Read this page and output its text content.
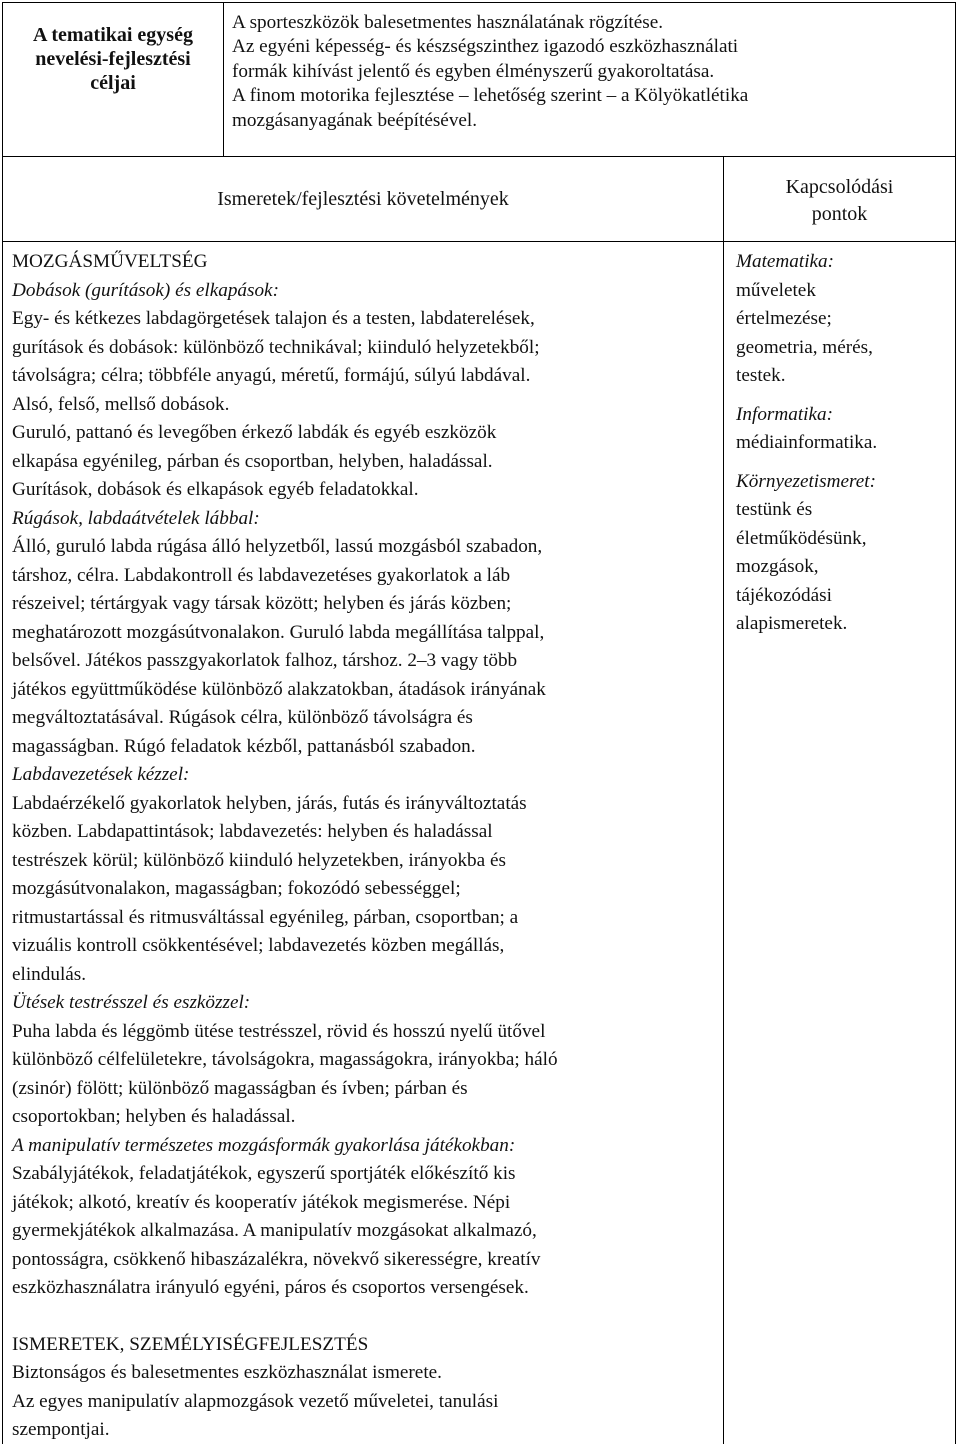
A tematikai egység
nevelési-fejlesztési
céljai
A sporteszközök balesetmentes használatának rögzítése.
Az egyéni képesség- és készségszinthez igazodó eszközhasználati
formák kihívást jelentő és egyben élményszerű gyakoroltatása.
A finom motorika fejlesztése – lehetőség szerint – a Kölyökatlétika
mozgásanyagának beépítésével.
Ismeretek/fejlesztési követelmények
Kapcsolódási
pontok
MOZGÁSMŰVELTSÉG
Dobások (gurítások) és elkapások:
Egy- és kétkezes labdagörgetések talajon és a testen, labdaterelések,
gurítások és dobások: különböző technikával; kiinduló helyzetekből;
távolságra; célra; többféle anyagú, méretű, formájú, súlyú labdával.
Alsó, felső, mellső dobások.
Guruló, pattanó és levegőben érkező labdák és egyéb eszközök
elkapása egyénileg, párban és csoportban, helyben, haladással.
Gurítások, dobások és elkapások egyéb feladatokkal.
Rúgások, labdaátvételek lábbal:
Álló, guruló labda rúgása álló helyzetből, lassú mozgásból szabadon,
társhoz, célra. Labdakontroll és labdavezetéses gyakorlatok a láb
részeivel; tértárgyak vagy társak között; helyben és járás közben;
meghatározott mozgásútvonalakon. Guruló labda megállítása talppal,
belsővel. Játékos passzgyakorlatok falhoz, társhoz. 2–3 vagy több
játékos együttműködése különböző alakzatokban, átadások irányának
megváltoztatásával. Rúgások célra, különböző távolságra és
magasságban. Rúgó feladatok kézből, pattanásból szabadon.
Labdavezetések kézzel:
Labdaérzékelő gyakorlatok helyben, járás, futás és irányváltoztatás
közben. Labdapattintások; labdavezetés: helyben és haladással
testrészek körül; különböző kiinduló helyzetekben, irányokba és
mozgásútvonalakon, magasságban; fokozódó sebességgel;
ritmustartással és ritmusváltással egyénileg, párban, csoportban; a
vizuális kontroll csökkentésével; labdavezetés közben megállás,
elindulás.
Ütések testrésszel és eszközzel:
Puha labda és léggömb ütése testrésszel, rövid és hosszú nyelű ütővel
különböző célfelületekre, távolságokra, magasságokra, irányokba; háló
(zsinór) fölött; különböző magasságban és ívben; párban és
csoportokban; helyben és haladással.
A manipulatív természetes mozgásformák gyakorlása játékokban:
Szabályjátékok, feladatjátékok, egyszerű sportjáték előkészítő kis
játékok; alkotó, kreatív és kooperatív játékok megismerése. Népi
gyermekjátékok alkalmazása. A manipulatív mozgásokat alkalmazó,
pontosságra, csökkenő hibaszázalékra, növekvő sikerességre, kreatív
eszközhasználatra irányuló egyéni, páros és csoportos versengések.
ISMERETEK, SZEMÉLYISÉGFEJLESZTÉS
Biztonságos és balesetmentes eszközhasználat ismerete.
Az egyes manipulatív alapmozgások vezető műveletei, tanulási
szempontjai.
Matematika:
műveletek
értelmezése;
geometria, mérés,
testek.
Informatika:
médiainformatika.
Környezetismeret:
testünk és
életműködésünk,
mozgások,
tájékozódási
alapismeretek.
